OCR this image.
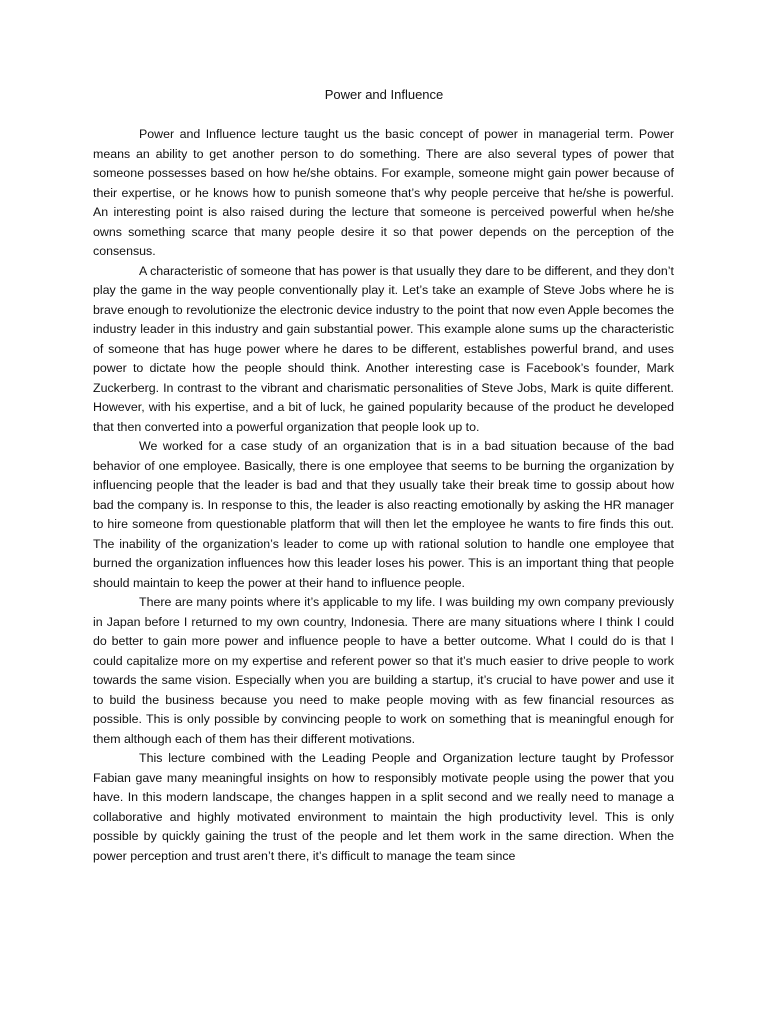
Power and Influence

Power and Influence lecture taught us the basic concept of power in managerial term. Power means an ability to get another person to do something. There are also several types of power that someone possesses based on how he/she obtains. For example, someone might gain power because of their expertise, or he knows how to punish someone that’s why people perceive that he/she is powerful. An interesting point is also raised during the lecture that someone is perceived powerful when he/she owns something scarce that many people desire it so that power depends on the perception of the consensus.

A characteristic of someone that has power is that usually they dare to be different, and they don’t play the game in the way people conventionally play it. Let’s take an example of Steve Jobs where he is brave enough to revolutionize the electronic device industry to the point that now even Apple becomes the industry leader in this industry and gain substantial power. This example alone sums up the characteristic of someone that has huge power where he dares to be different, establishes powerful brand, and uses power to dictate how the people should think. Another interesting case is Facebook’s founder, Mark Zuckerberg. In contrast to the vibrant and charismatic personalities of Steve Jobs, Mark is quite different. However, with his expertise, and a bit of luck, he gained popularity because of the product he developed that then converted into a powerful organization that people look up to.

We worked for a case study of an organization that is in a bad situation because of the bad behavior of one employee. Basically, there is one employee that seems to be burning the organization by influencing people that the leader is bad and that they usually take their break time to gossip about how bad the company is. In response to this, the leader is also reacting emotionally by asking the HR manager to hire someone from questionable platform that will then let the employee he wants to fire finds this out. The inability of the organization’s leader to come up with rational solution to handle one employee that burned the organization influences how this leader loses his power. This is an important thing that people should maintain to keep the power at their hand to influence people.

There are many points where it’s applicable to my life. I was building my own company previously in Japan before I returned to my own country, Indonesia. There are many situations where I think I could do better to gain more power and influence people to have a better outcome. What I could do is that I could capitalize more on my expertise and referent power so that it’s much easier to drive people to work towards the same vision. Especially when you are building a startup, it’s crucial to have power and use it to build the business because you need to make people moving with as few financial resources as possible. This is only possible by convincing people to work on something that is meaningful enough for them although each of them has their different motivations.

This lecture combined with the Leading People and Organization lecture taught by Professor Fabian gave many meaningful insights on how to responsibly motivate people using the power that you have. In this modern landscape, the changes happen in a split second and we really need to manage a collaborative and highly motivated environment to maintain the high productivity level. This is only possible by quickly gaining the trust of the people and let them work in the same direction. When the power perception and trust aren’t there, it’s difficult to manage the team since
